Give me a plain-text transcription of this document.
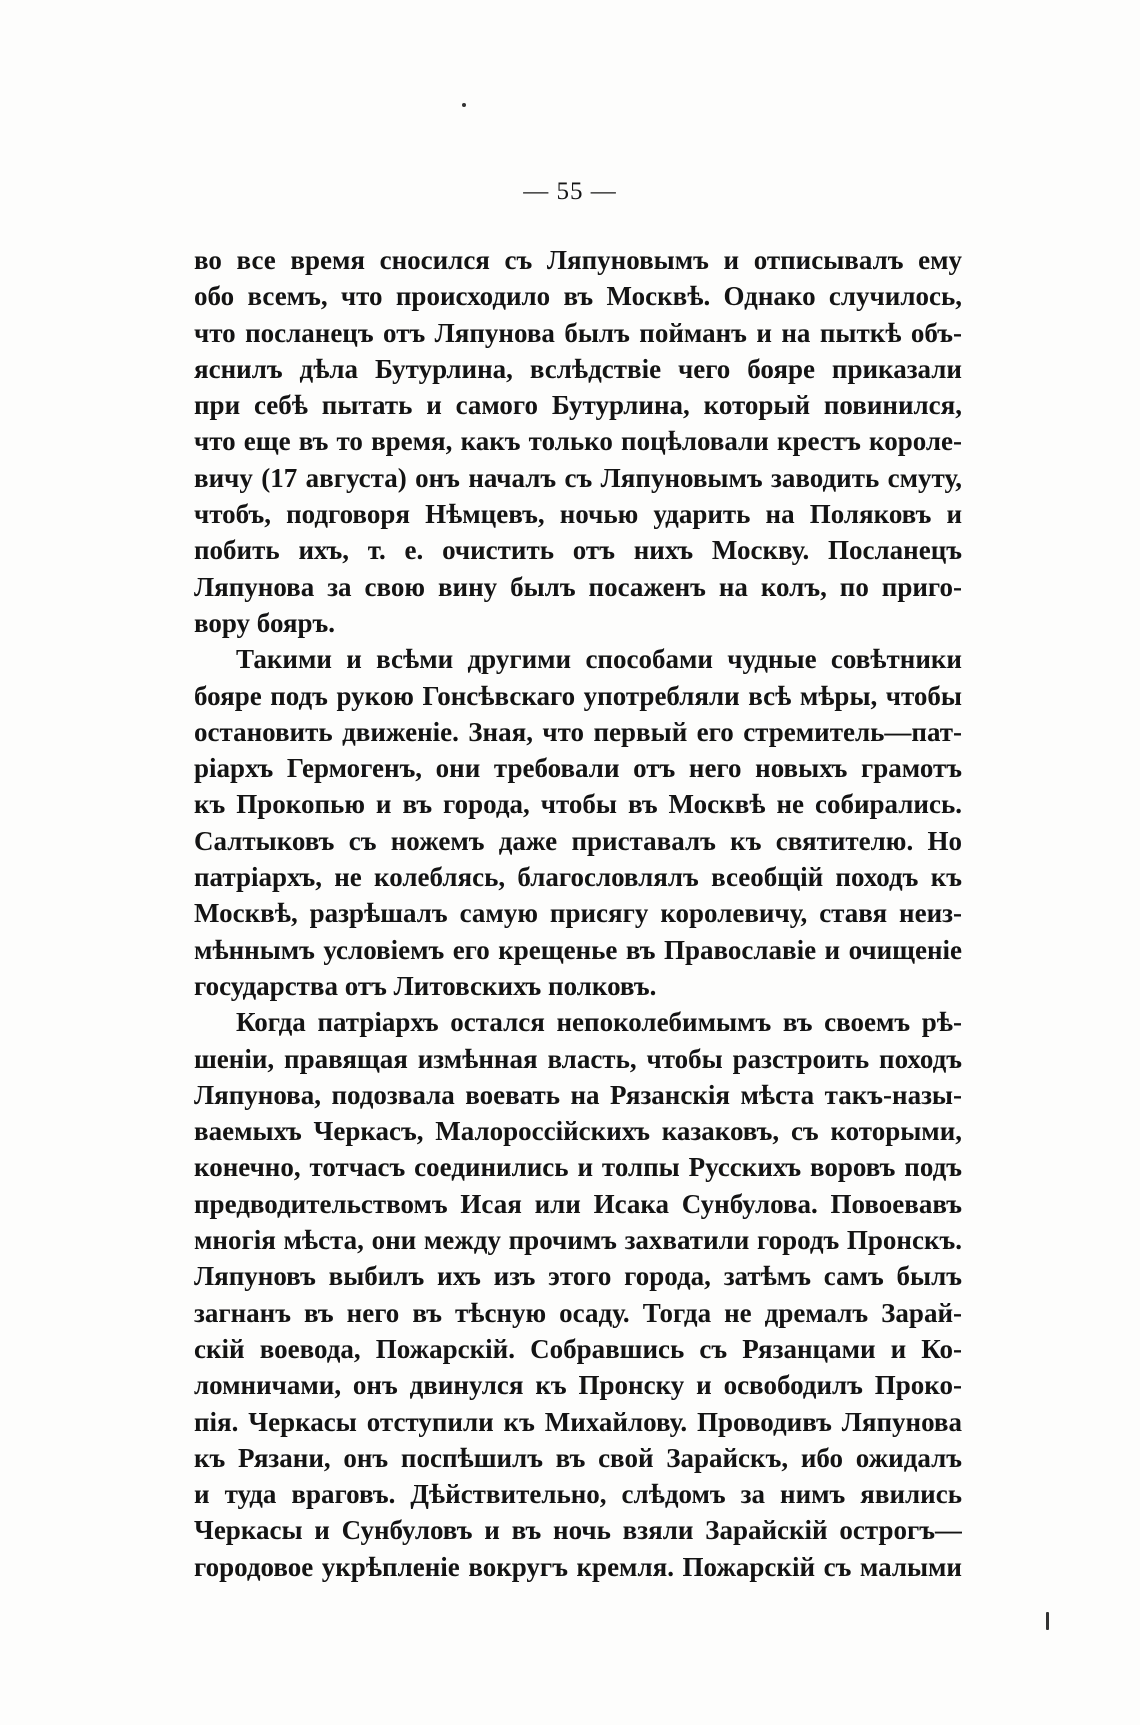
— 55 —
во все время сносился съ Ляпуновымъ и отписывалъ ему
обо всемъ, что происходило въ Москвѣ. Однако случилось,
что посланецъ отъ Ляпунова былъ пойманъ и на пыткѣ объ-
яснилъ дѣла Бутурлина, вслѣдствіе чего бояре приказали
при себѣ пытать и самого Бутурлина, который повинился,
что еще въ то время, какъ только поцѣловали крестъ короле-
вичу (17 августа) онъ началъ съ Ляпуновымъ заводить смуту,
чтобъ, подговоря Нѣмцевъ, ночью ударить на Поляковъ и
побить ихъ, т. е. очистить отъ нихъ Москву. Посланецъ
Ляпунова за свою вину былъ посаженъ на колъ, по приго-
вору бояръ.
Такими и всѣми другими способами чудные совѣтники
бояре подъ рукою Гонсѣвскаго употребляли всѣ мѣры, чтобы
остановить движеніе. Зная, что первый его стремитель—пат-
ріархъ Гермогенъ, они требовали отъ него новыхъ грамотъ
къ Прокопью и въ города, чтобы въ Москвѣ не собирались.
Салтыковъ съ ножемъ даже приставалъ къ святителю. Но
патріархъ, не колеблясь, благословлялъ всеобщій походъ къ
Москвѣ, разрѣшалъ самую присягу королевичу, ставя неиз-
мѣннымъ условіемъ его крещенье въ Православіе и очищеніе
государства отъ Литовскихъ полковъ.
Когда патріархъ остался непоколебимымъ въ своемъ рѣ-
шеніи, правящая измѣнная власть, чтобы разстроить походъ
Ляпунова, подозвала воевать на Рязанскія мѣста такъ-назы-
ваемыхъ Черкасъ, Малороссійскихъ казаковъ, съ которыми,
конечно, тотчасъ соединились и толпы Русскихъ воровъ подъ
предводительствомъ Исая или Исака Сунбулова. Повоевавъ
многія мѣста, они между прочимъ захватили городъ Пронскъ.
Ляпуновъ выбилъ ихъ изъ этого города, затѣмъ самъ былъ
загнанъ въ него въ тѣсную осаду. Тогда не дремалъ Зарай-
скій воевода, Пожарскій. Собравшись съ Рязанцами и Ко-
ломничами, онъ двинулся къ Пронску и освободилъ Проко-
пія. Черкасы отступили къ Михайлову. Проводивъ Ляпунова
къ Рязани, онъ поспѣшилъ въ свой Зарайскъ, ибо ожидалъ
и туда враговъ. Дѣйствительно, слѣдомъ за нимъ явились
Черкасы и Сунбуловъ и въ ночь взяли Зарайскій острогъ—
городовое укрѣпленіе вокругъ кремля. Пожарскій съ малыми
